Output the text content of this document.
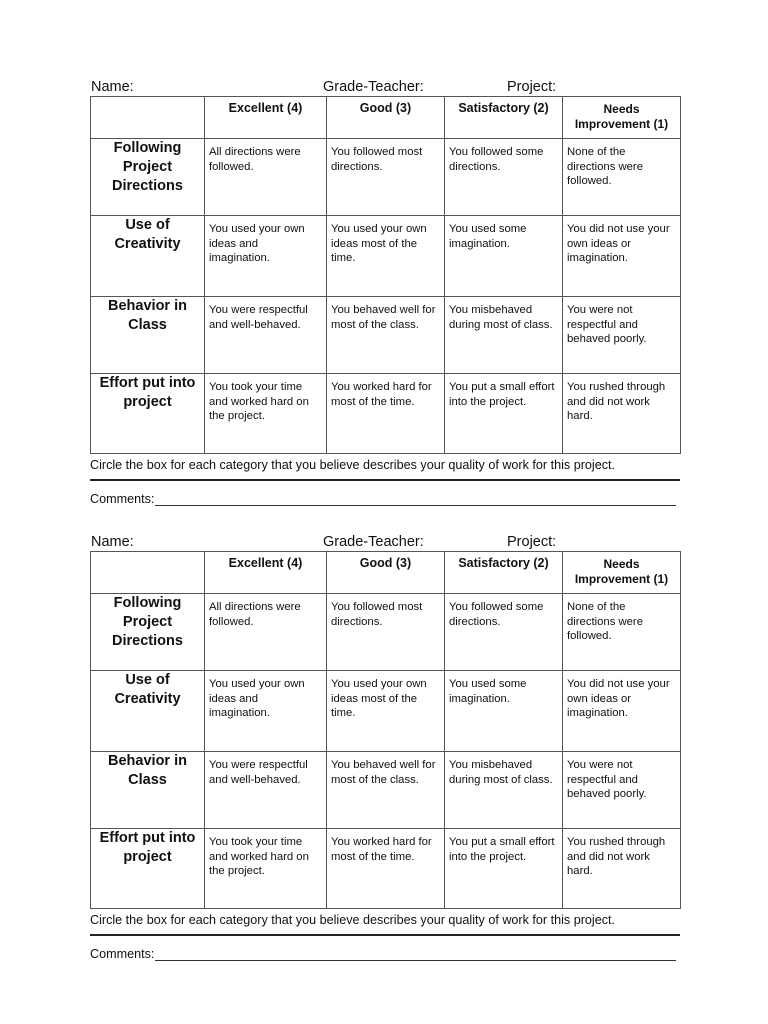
Name:	Grade-Teacher:	Project:
	Excellent (4)	Good (3)	Satisfactory (2)	Needs
Improvement (1)
Following Project Directions	All directions were followed.	You followed most directions.	You followed some directions.	None of the directions were followed.
Use of Creativity	You used your own ideas and imagination.	You used your own ideas most of the time.	You used some imagination.	You did not use your own ideas or imagination.
Behavior in Class	You were respectful and well-behaved.	You behaved well for most of the class.	You misbehaved during most of class.	You were not respectful and behaved poorly.
Effort put into project	You took your time and worked hard on the project.	You worked hard for most of the time.	You put a small effort into the project.	You rushed through and did not work hard.
Circle the box for each category that you believe describes your quality of work for this project.
Comments:
Name:	Grade-Teacher:	Project:
	Excellent (4)	Good (3)	Satisfactory (2)	Needs
Improvement (1)
Following Project Directions	All directions were followed.	You followed most directions.	You followed some directions.	None of the directions were followed.
Use of Creativity	You used your own ideas and imagination.	You used your own ideas most of the time.	You used some imagination.	You did not use your own ideas or imagination.
Behavior in Class	You were respectful and well-behaved.	You behaved well for most of the class.	You misbehaved during most of class.	You were not respectful and behaved poorly.
Effort put into project	You took your time and worked hard on the project.	You worked hard for most of the time.	You put a small effort into the project.	You rushed through and did not work hard.
Circle the box for each category that you believe describes your quality of work for this project.
Comments:
